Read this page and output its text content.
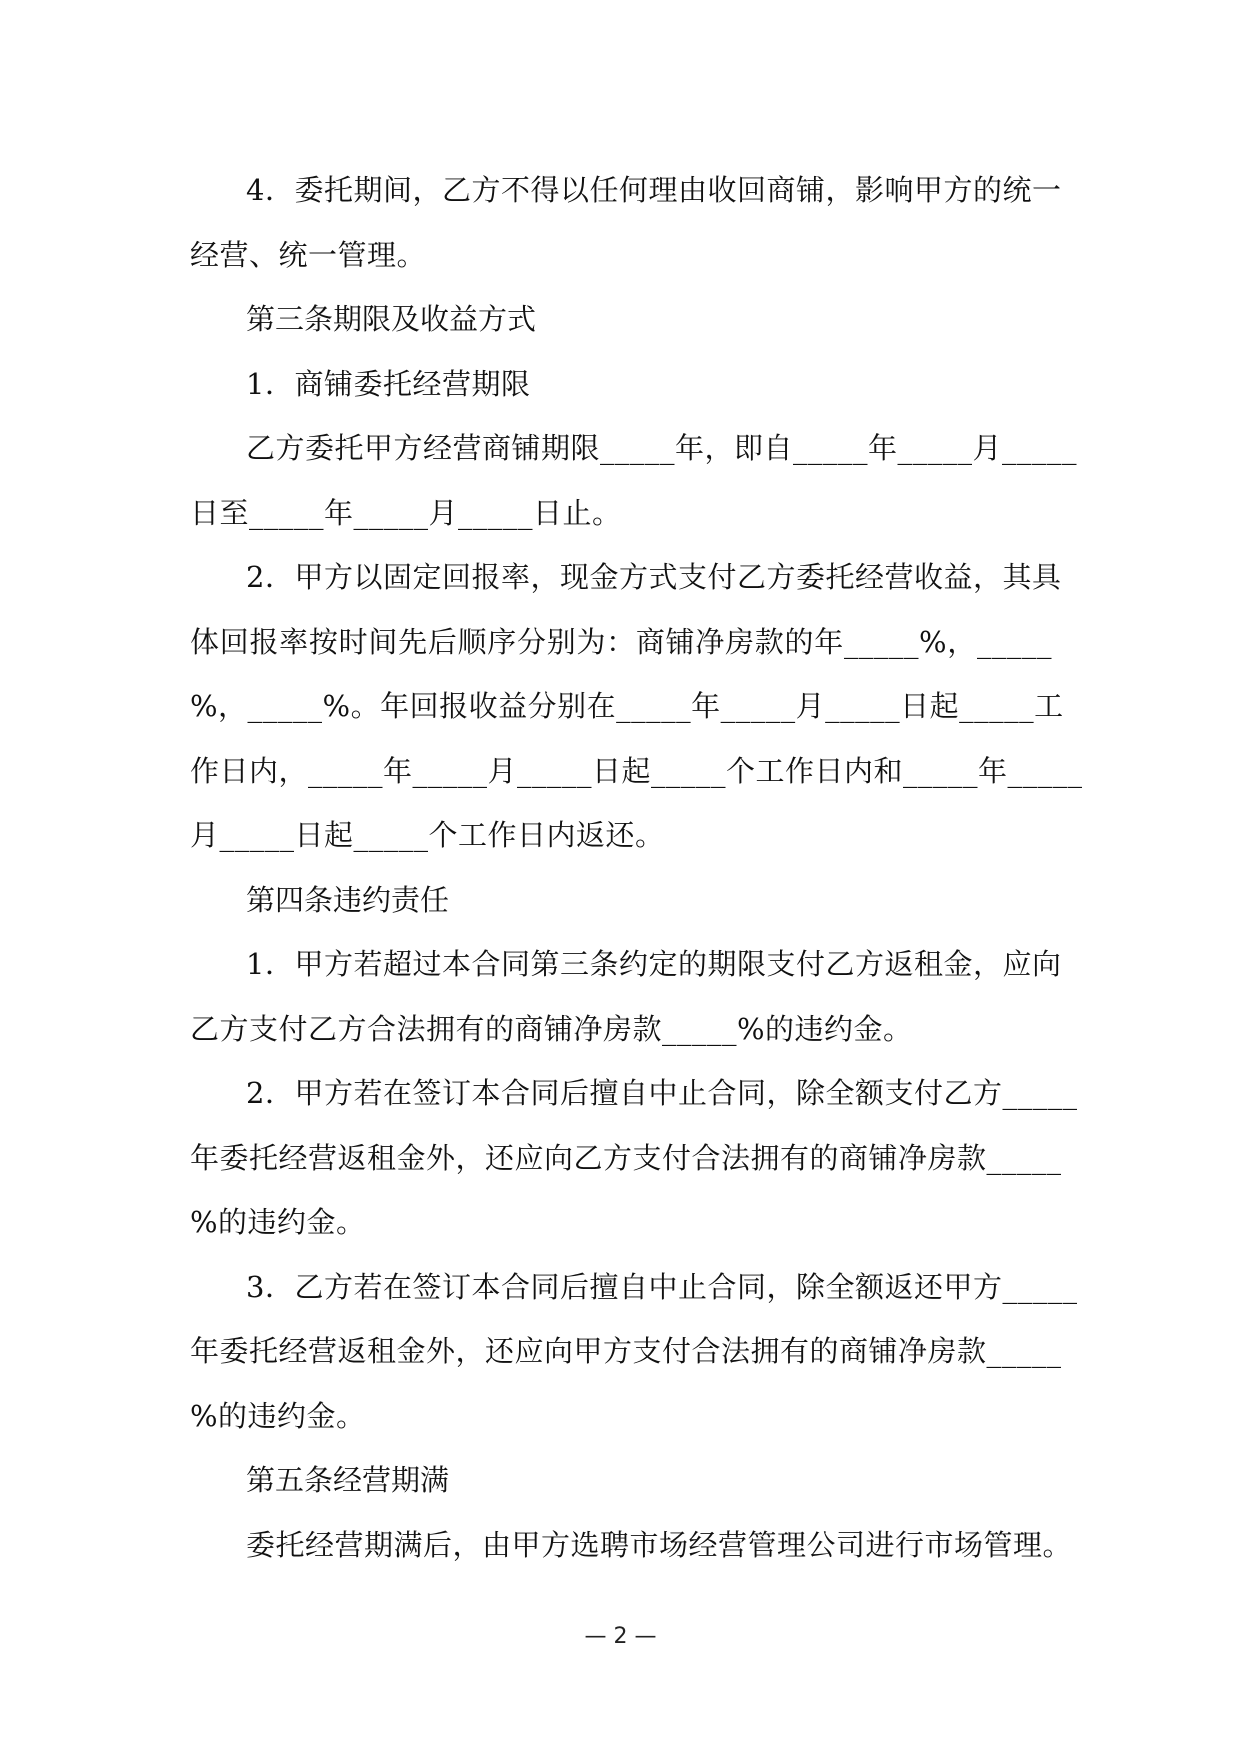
4．委托期间，乙方不得以任何理由收回商铺，影响甲方的统一
经营、统一管理。
第三条期限及收益方式
1．商铺委托经营期限
乙方委托甲方经营商铺期限_____年，即自_____年_____月_____
日至_____年_____月_____日止。
2．甲方以固定回报率，现金方式支付乙方委托经营收益，其具
体回报率按时间先后顺序分别为：商铺净房款的年_____%，_____
%，_____%。年回报收益分别在_____年_____月_____日起_____工
作日内，_____年_____月_____日起_____个工作日内和_____年_____
月_____日起_____个工作日内返还。
第四条违约责任
1．甲方若超过本合同第三条约定的期限支付乙方返租金，应向
乙方支付乙方合法拥有的商铺净房款_____%的违约金。
2．甲方若在签订本合同后擅自中止合同，除全额支付乙方_____
年委托经营返租金外，还应向乙方支付合法拥有的商铺净房款_____
%的违约金。
3．乙方若在签订本合同后擅自中止合同，除全额返还甲方_____
年委托经营返租金外，还应向甲方支付合法拥有的商铺净房款_____
%的违约金。
第五条经营期满
委托经营期满后，由甲方选聘市场经营管理公司进行市场管理。
— 2 —
